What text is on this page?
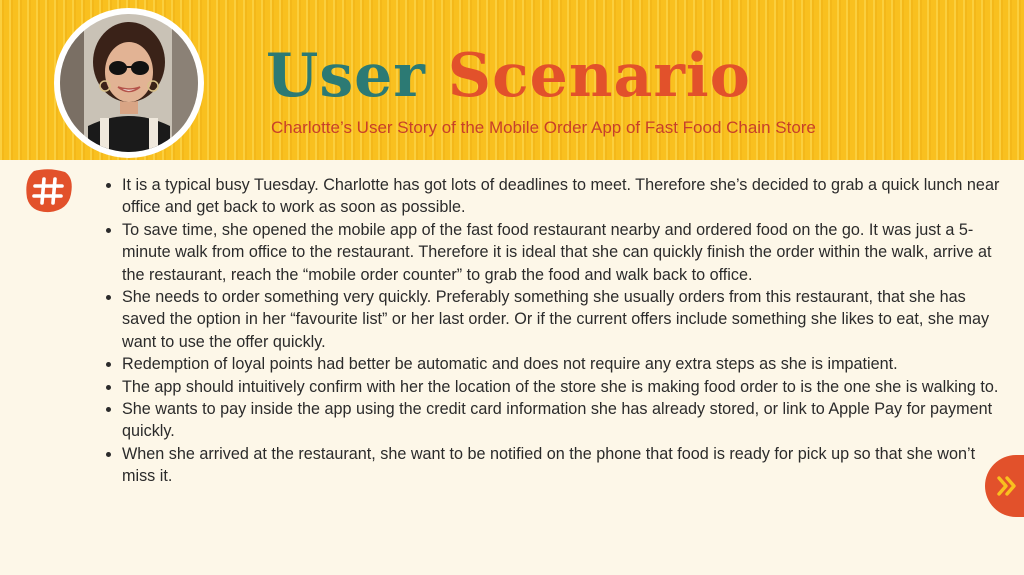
User Scenario
Charlotte’s User Story of the Mobile Order App of Fast Food Chain Store
• It is a typical busy Tuesday. Charlotte has got lots of deadlines to meet. Therefore she’s decided to grab a quick lunch near office and get back to work as soon as possible.
• To save time, she opened the mobile app of the fast food restaurant nearby and ordered food on the go. It was just a 5-minute walk from office to the restaurant. Therefore it is ideal that she can quickly finish the order within the walk, arrive at the restaurant, reach the “mobile order counter” to grab the food and walk back to office.
• She needs to order something very quickly. Preferably something she usually orders from this restaurant, that she has saved the option in her “favourite list” or her last order. Or if the current offers include something she likes to eat, she may want to use the offer quickly.
• Redemption of loyal points had better be automatic and does not require any extra steps as she is impatient.
• The app should intuitively confirm with her the location of the store she is making food order to is the one she is walking to.
• She wants to pay inside the app using the credit card information she has already stored, or link to Apple Pay for payment quickly.
• When she arrived at the restaurant, she want to be notified on the phone that food is ready for pick up so that she won’t miss it.
